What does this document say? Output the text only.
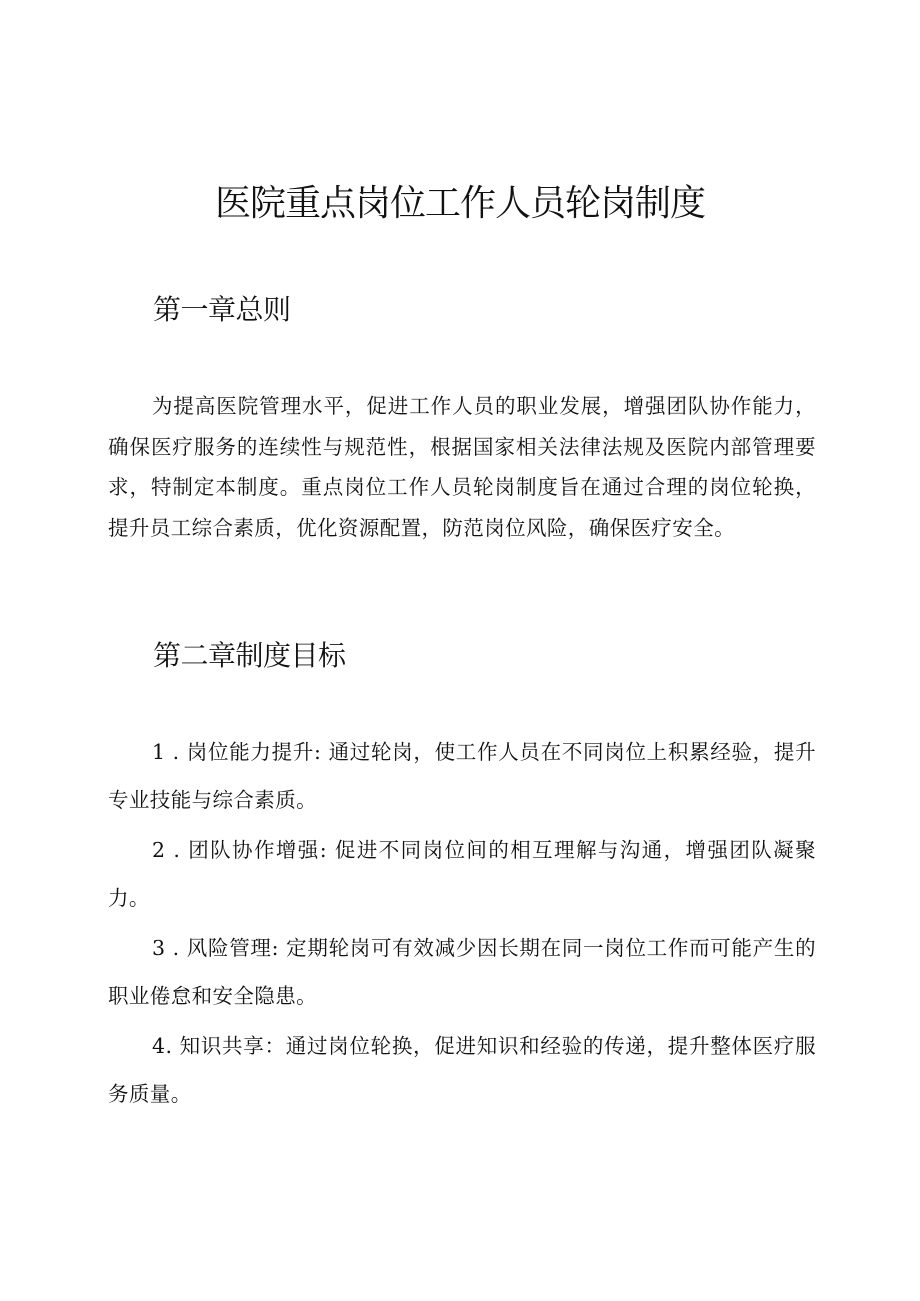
医院重点岗位工作人员轮岗制度
第一章总则

为提高医院管理水平，促进工作人员的职业发展，增强团队协作能力，确保医疗服务的连续性与规范性，根据国家相关法律法规及医院内部管理要求，特制定本制度。重点岗位工作人员轮岗制度旨在通过合理的岗位轮换，提升员工综合素质，优化资源配置，防范岗位风险，确保医疗安全。

第二章制度目标

1 . 岗位能力提升: 通过轮岗，使工作人员在不同岗位上积累经验，提升专业技能与综合素质。

2 . 团队协作增强: 促进不同岗位间的相互理解与沟通，增强团队凝聚力。

3 . 风险管理: 定期轮岗可有效减少因长期在同一岗位工作而可能产生的职业倦怠和安全隐患。

4. 知识共享：通过岗位轮换，促进知识和经验的传递，提升整体医疗服务质量。
